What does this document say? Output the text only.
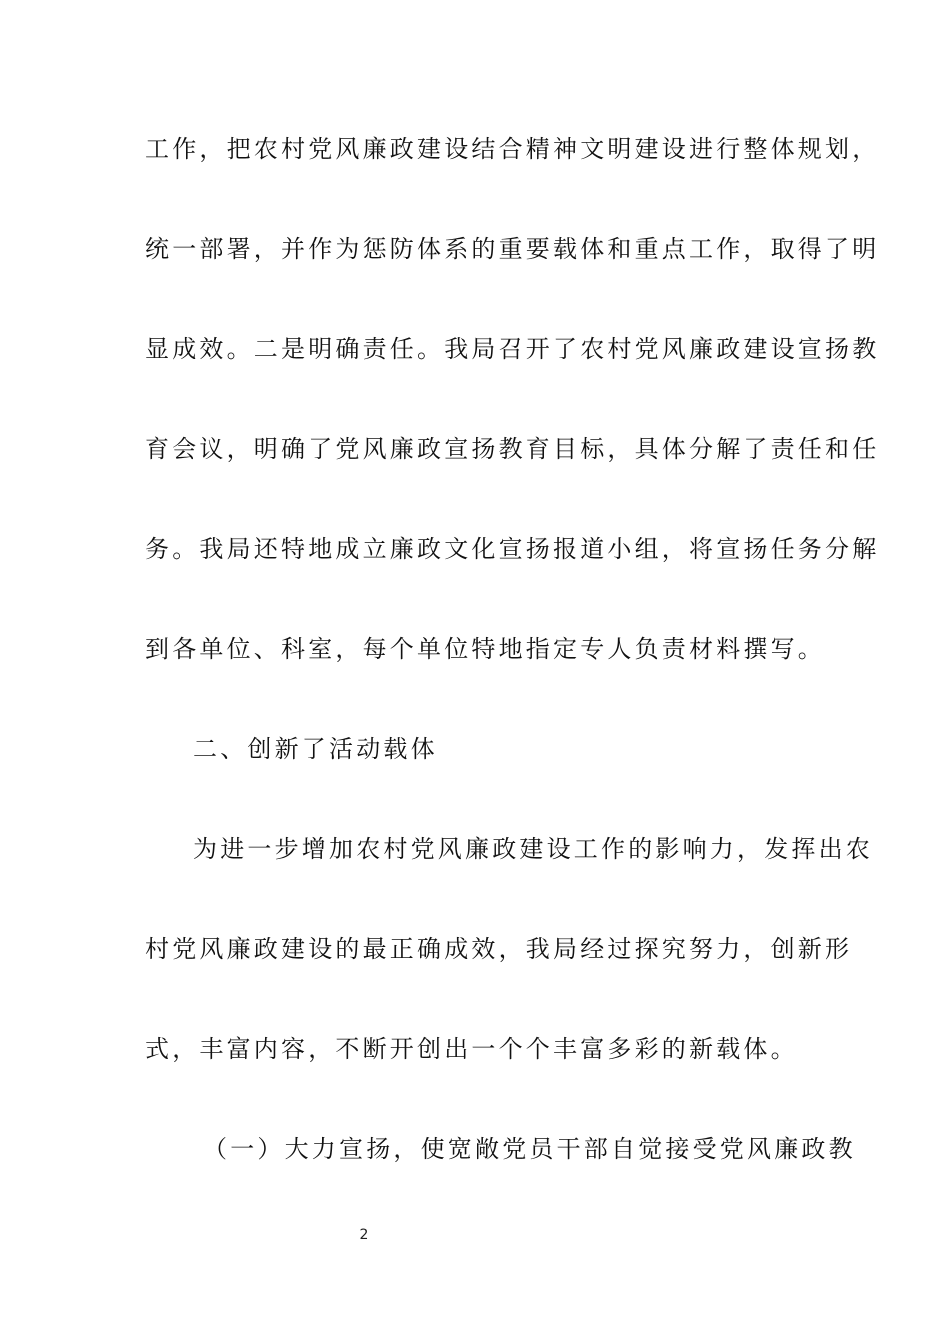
工作，把农村党风廉政建设结合精神文明建设进行整体规划，
统一部署，并作为惩防体系的重要载体和重点工作，取得了明
显成效。二是明确责任。我局召开了农村党风廉政建设宣扬教
育会议，明确了党风廉政宣扬教育目标，具体分解了责任和任
务。我局还特地成立廉政文化宣扬报道小组，将宣扬任务分解
到各单位、科室，每个单位特地指定专人负责材料撰写。
二、创新了活动载体
为进一步增加农村党风廉政建设工作的影响力，发挥出农
村党风廉政建设的最正确成效，我局经过探究努力，创新形
式，丰富内容，不断开创出一个个丰富多彩的新载体。
（一）大力宣扬，使宽敞党员干部自觉接受党风廉政教
2
